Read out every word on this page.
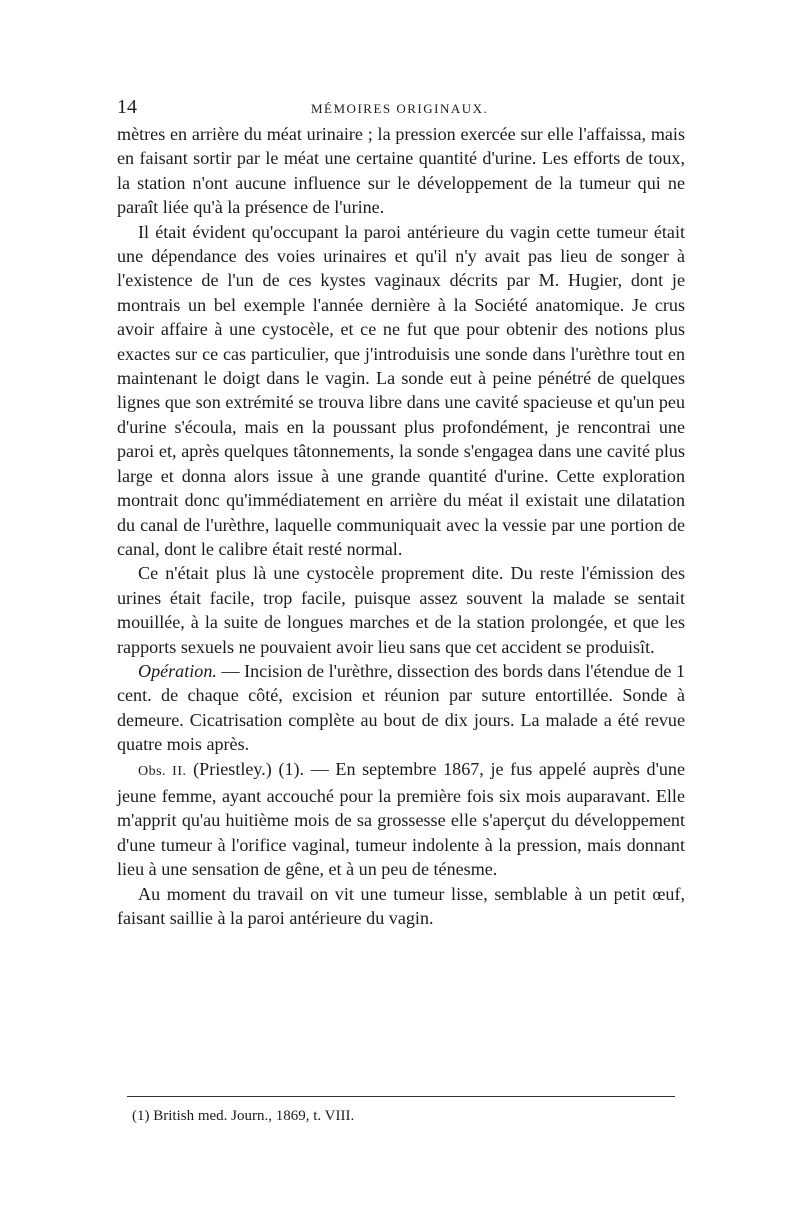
14	MÉMOIRES ORIGINAUX.

mètres en arrière du méat urinaire ; la pression exercée sur elle l'affaissa, mais en faisant sortir par le méat une certaine quantité d'urine. Les efforts de toux, la station n'ont aucune influence sur le développement de la tumeur qui ne paraît liée qu'à la présence de l'urine.

Il était évident qu'occupant la paroi antérieure du vagin cette tumeur était une dépendance des voies urinaires et qu'il n'y avait pas lieu de songer à l'existence de l'un de ces kystes vaginaux décrits par M. Hugier, dont je montrais un bel exemple l'année dernière à la Société anatomique. Je crus avoir affaire à une cystocèle, et ce ne fut que pour obtenir des notions plus exactes sur ce cas particulier, que j'introduisis une sonde dans l'urèthre tout en maintenant le doigt dans le vagin. La sonde eut à peine pénétré de quelques lignes que son extrémité se trouva libre dans une cavité spacieuse et qu'un peu d'urine s'écoula, mais en la poussant plus profondément, je rencontrai une paroi et, après quelques tâtonnements, la sonde s'engagea dans une cavité plus large et donna alors issue à une grande quantité d'urine. Cette exploration montrait donc qu'immédiatement en arrière du méat il existait une dilatation du canal de l'urèthre, laquelle communiquait avec la vessie par une portion de canal, dont le calibre était resté normal.

Ce n'était plus là une cystocèle proprement dite. Du reste l'émission des urines était facile, trop facile, puisque assez souvent la malade se sentait mouillée, à la suite de longues marches et de la station prolongée, et que les rapports sexuels ne pouvaient avoir lieu sans que cet accident se produisît.

Opération. — Incision de l'urèthre, dissection des bords dans l'étendue de 1 cent. de chaque côté, excision et réunion par suture entortillée. Sonde à demeure. Cicatrisation complète au bout de dix jours. La malade a été revue quatre mois après.

Obs. II. (Priestley.) (1). — En septembre 1867, je fus appelé auprès d'une jeune femme, ayant accouché pour la première fois six mois auparavant. Elle m'apprit qu'au huitième mois de sa grossesse elle s'aperçut du développement d'une tumeur à l'orifice vaginal, tumeur indolente à la pression, mais donnant lieu à une sensation de gêne, et à un peu de ténesme.

Au moment du travail on vit une tumeur lisse, semblable à un petit œuf, faisant saillie à la paroi antérieure du vagin.

(1) British med. Journ., 1869, t. VIII.
